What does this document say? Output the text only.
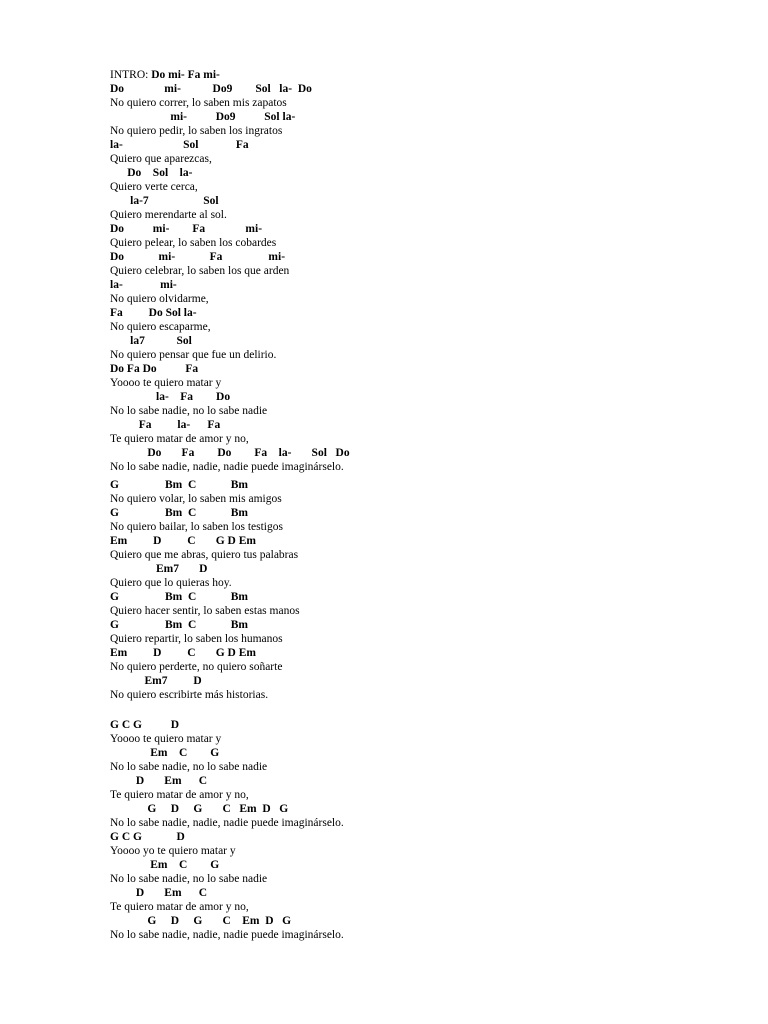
INTRO: Do mi- Fa mi-
Do              mi-           Do9        Sol   la-  Do
No quiero correr, lo saben mis zapatos
mi-          Do9          Sol la-
No quiero pedir, lo saben los ingratos
la-                     Sol             Fa
Quiero que aparezcas,
Do    Sol    la-
Quiero verte cerca,
la-7                   Sol
Quiero merendarte al sol.
Do          mi-        Fa              mi-
Quiero pelear, lo saben los cobardes
Do            mi-            Fa                mi-
Quiero celebrar, lo saben los que arden
la-             mi-
No quiero olvidarme,
Fa         Do Sol la-
No quiero escaparme,
la7           Sol
No quiero pensar que fue un delirio.
Do Fa Do          Fa
Yoooo te quiero matar y
la-    Fa        Do
No lo sabe nadie, no lo sabe nadie
Fa         la-      Fa
Te quiero matar de amor y no,
Do       Fa        Do        Fa    la-       Sol   Do
No lo sabe nadie, nadie, nadie puede imaginárselo.
G                Bm  C            Bm
No quiero volar, lo saben mis amigos
G                Bm  C            Bm
No quiero bailar, lo saben los testigos
Em         D         C       G D Em
Quiero que me abras, quiero tus palabras
Em7       D
Quiero que lo quieras hoy.
G                Bm  C            Bm
Quiero hacer sentir, lo saben estas manos
G                Bm  C            Bm
Quiero repartir, lo saben los humanos
Em         D         C       G D Em
No quiero perderte, no quiero soñarte
Em7         D
No quiero escribirte más historias.
G C G          D
Yoooo te quiero matar y
Em    C        G
No lo sabe nadie, no lo sabe nadie
D       Em      C
Te quiero matar de amor y no,
G     D     G       C   Em  D   G
No lo sabe nadie, nadie, nadie puede imaginárselo.
G C G            D
Yoooo yo te quiero matar y
Em    C        G
No lo sabe nadie, no lo sabe nadie
D       Em      C
Te quiero matar de amor y no,
G     D     G       C    Em  D   G
No lo sabe nadie, nadie, nadie puede imaginárselo.
